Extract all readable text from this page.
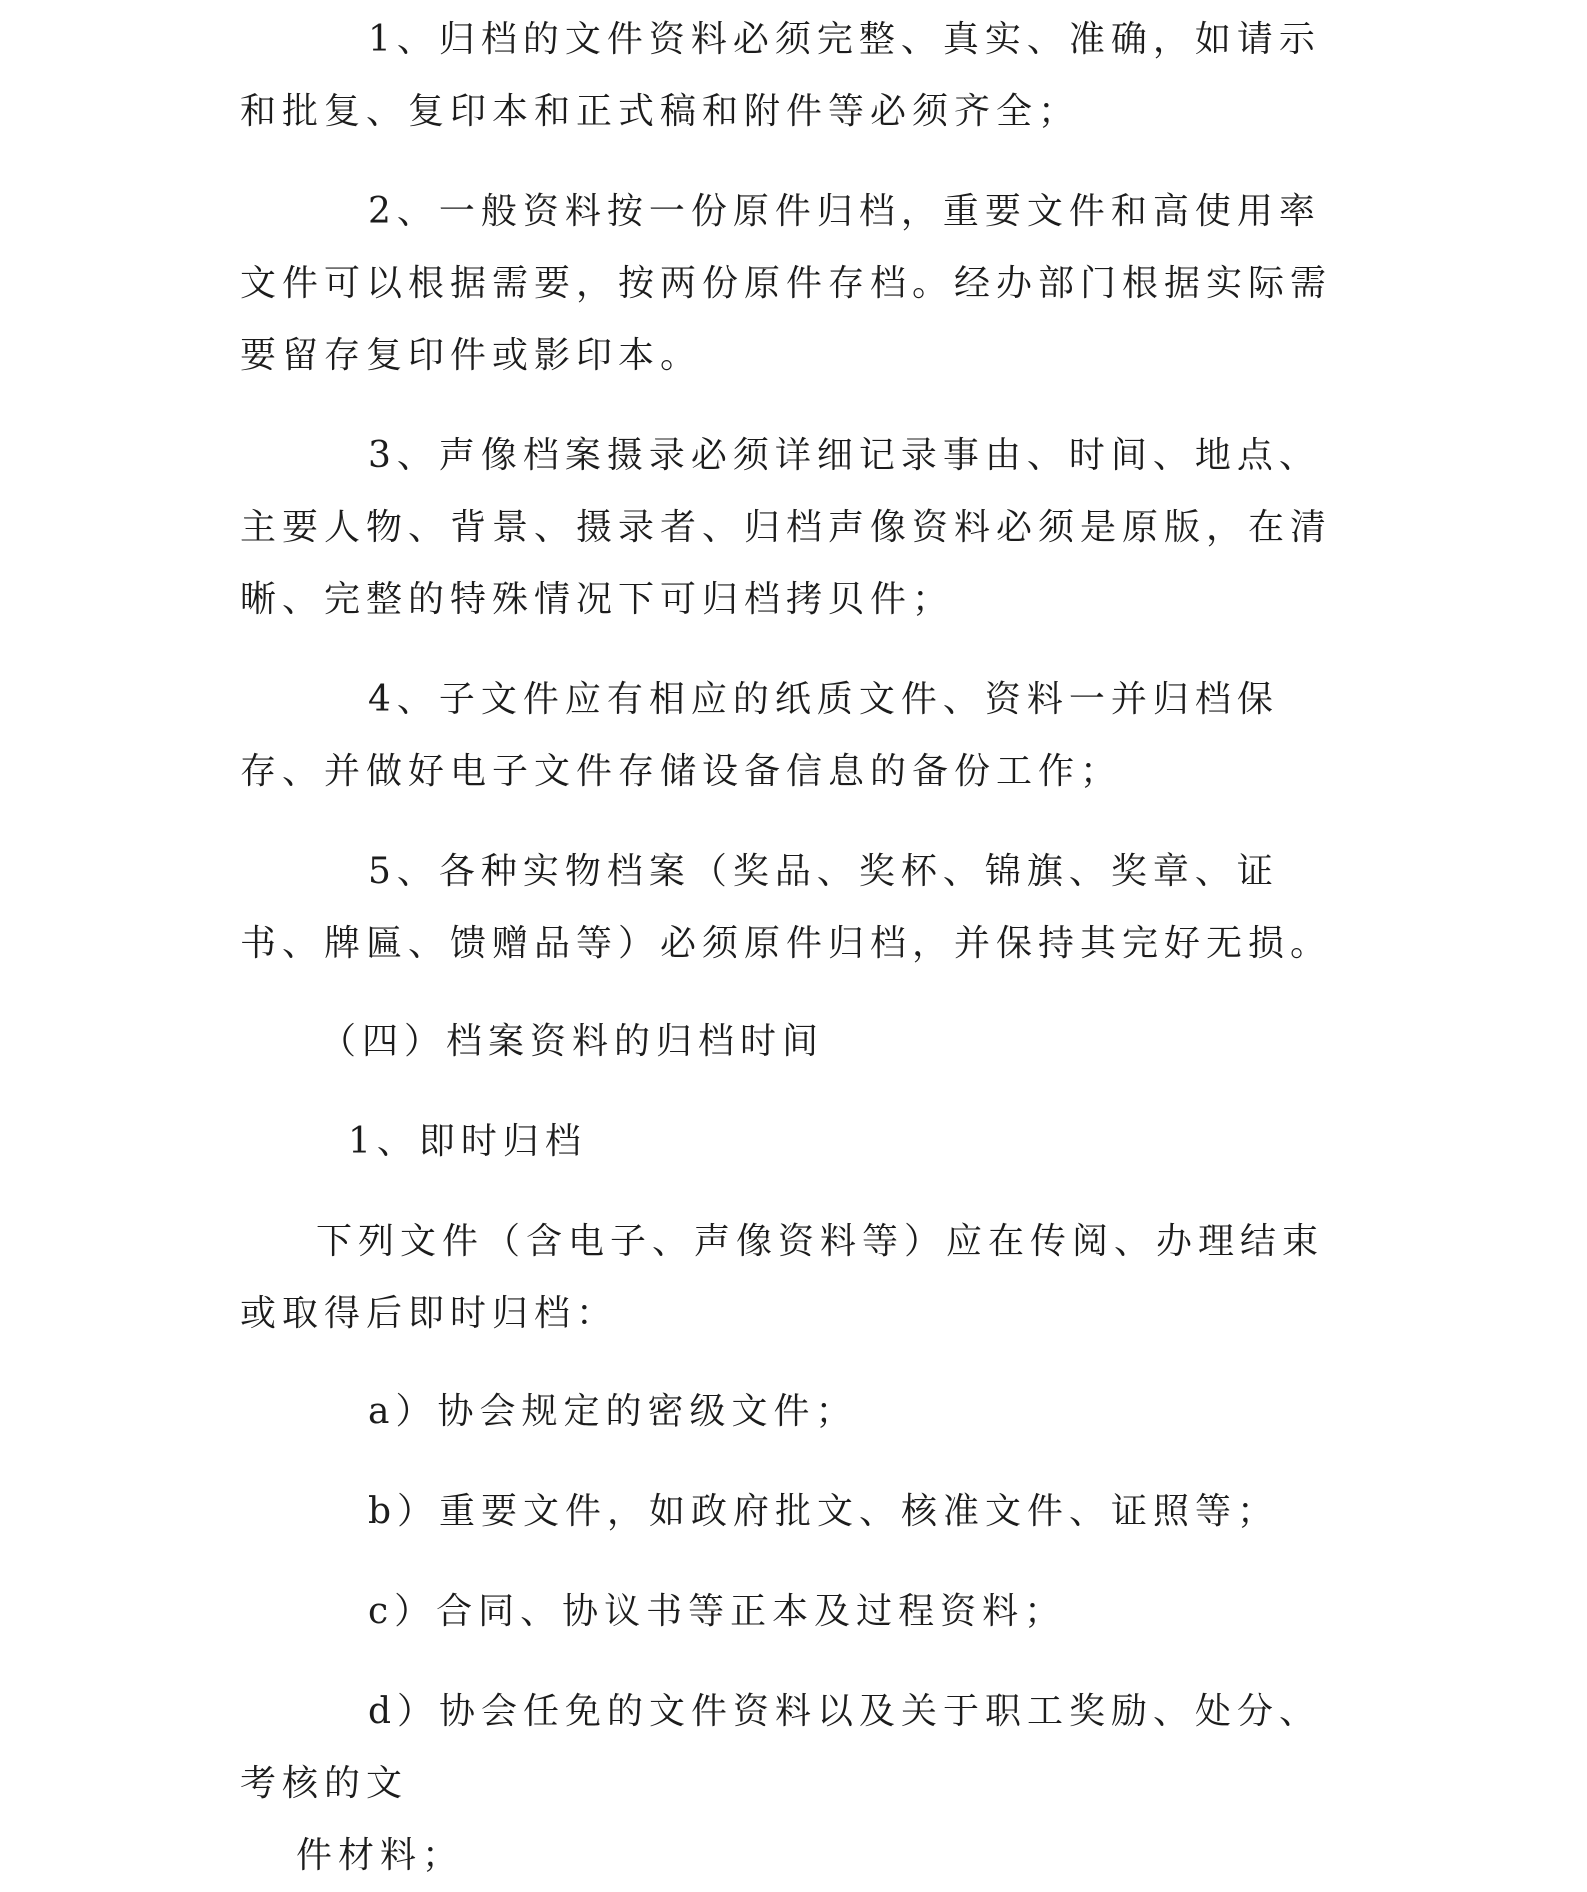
1、归档的文件资料必须完整、真实、准确，如请示和批复、复印本和正式稿和附件等必须齐全；

2、一般资料按一份原件归档，重要文件和高使用率文件可以根据需要，按两份原件存档。经办部门根据实际需要留存复印件或影印本。

3、声像档案摄录必须详细记录事由、时间、地点、主要人物、背景、摄录者、归档声像资料必须是原版，在清晰、完整的特殊情况下可归档拷贝件；

4、子文件应有相应的纸质文件、资料一并归档保存、并做好电子文件存储设备信息的备份工作；

5、各种实物档案（奖品、奖杯、锦旗、奖章、证书、牌匾、馈赠品等）必须原件归档，并保持其完好无损。

（四）档案资料的归档时间

1、即时归档

下列文件（含电子、声像资料等）应在传阅、办理结束或取得后即时归档：

a）协会规定的密级文件；

b）重要文件，如政府批文、核准文件、证照等；

c）合同、协议书等正本及过程资料；

d）协会任免的文件资料以及关于职工奖励、处分、考核的文
件材料；
